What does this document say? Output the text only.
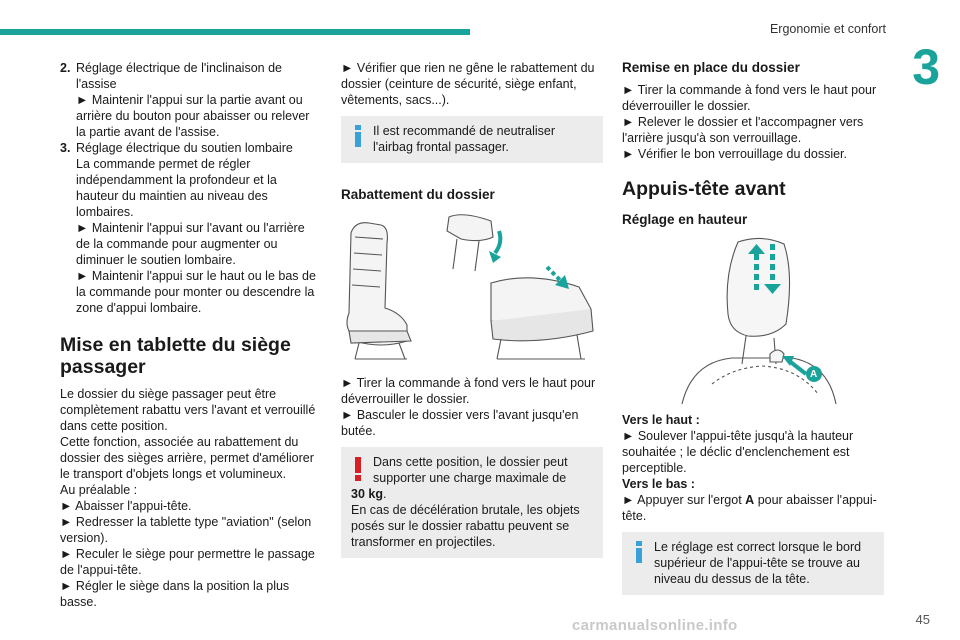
Ergonomie et confort
3
2. Réglage électrique de l'inclinaison de l'assise
► Maintenir l'appui sur la partie avant ou arrière du bouton pour abaisser ou relever la partie avant de l'assise.
3. Réglage électrique du soutien lombaire
La commande permet de régler indépendamment la profondeur et la hauteur du maintien au niveau des lombaires.
► Maintenir l'appui sur l'avant ou l'arrière de la commande pour augmenter ou diminuer le soutien lombaire.
► Maintenir l'appui sur le haut ou le bas de la commande pour monter ou descendre la zone d'appui lombaire.
Mise en tablette du siège passager
Le dossier du siège passager peut être complètement rabattu vers l'avant et verrouillé dans cette position.
Cette fonction, associée au rabattement du dossier des sièges arrière, permet d'améliorer le transport d'objets longs et volumineux.
Au préalable :
► Abaisser l'appui-tête.
► Redresser la tablette type "aviation" (selon version).
► Reculer le siège pour permettre le passage de l'appui-tête.
► Régler le siège dans la position la plus basse.
► Vérifier que rien ne gêne le rabattement du dossier (ceinture de sécurité, siège enfant, vêtements, sacs...).
Il est recommandé de neutraliser l'airbag frontal passager.
Rabattement du dossier
► Tirer la commande à fond vers le haut pour déverrouiller le dossier.
► Basculer le dossier vers l'avant jusqu'en butée.
Dans cette position, le dossier peut supporter une charge maximale de
30 kg.
En cas de décélération brutale, les objets posés sur le dossier rabattu peuvent se transformer en projectiles.
Remise en place du dossier
► Tirer la commande à fond vers le haut pour déverrouiller le dossier.
► Relever le dossier et l'accompagner vers l'arrière jusqu'à son verrouillage.
► Vérifier le bon verrouillage du dossier.
Appuis-tête avant
Réglage en hauteur
A
Vers le haut :
► Soulever l'appui-tête jusqu'à la hauteur souhaitée ; le déclic d'enclenchement est perceptible.
Vers le bas :
► Appuyer sur l'ergot A pour abaisser l'appui-tête.
Le réglage est correct lorsque le bord supérieur de l'appui-tête se trouve au niveau du dessus de la tête.
45
carmanualsonline.info
